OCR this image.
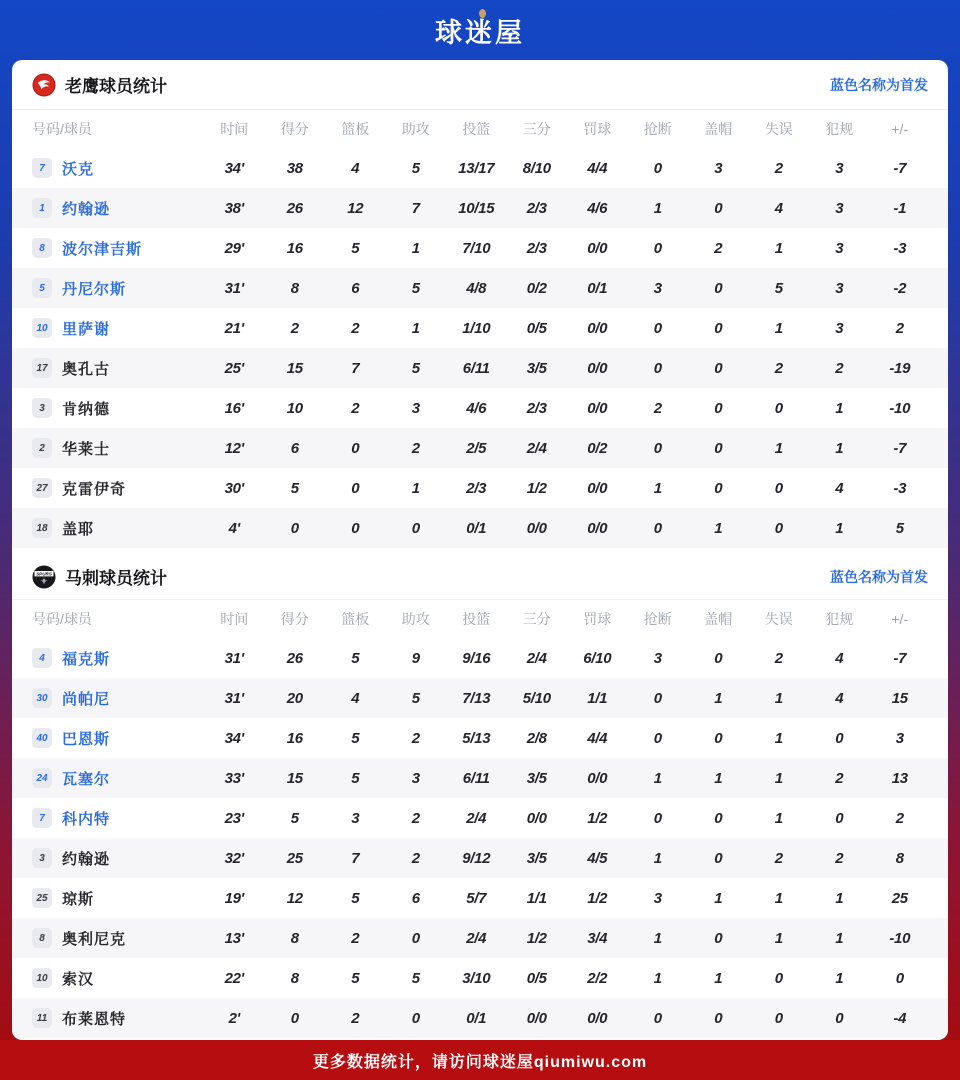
球迷屋
老鹰球员统计	蓝色名称为首发
号码/球员	时间	得分	篮板	助攻	投篮	三分	罚球	抢断	盖帽	失误	犯规	+/-
7	沃克	34'	38	4	5	13/17	8/10	4/4	0	3	2	3	-7
1	约翰逊	38'	26	12	7	10/15	2/3	4/6	1	0	4	3	-1
8	波尔津吉斯	29'	16	5	1	7/10	2/3	0/0	0	2	1	3	-3
5	丹尼尔斯	31'	8	6	5	4/8	0/2	0/1	3	0	5	3	-2
10 里萨谢	21'	2	2	1	1/10	0/5	0/0	0	0	1	3	2
17 奥孔古	25'	15	7	5	6/11	3/5	0/0	0	0	2	2	-19
3	肯纳德	16'	10	2	3	4/6	2/3	0/0	2	0	0	1	-10
2	华莱士	12'	6	0	2	2/5	2/4	0/2	0	0	1	1	-7
27 克雷伊奇	30'	5	0	1	2/3	1/2	0/0	1	0	0	4	-3
18 盖耶	4'	0	0	0	0/1	0/0	0/0	0	1	0	1	5
SPURS 马刺球员统计	蓝色名称为首发
号码/球员	时间	得分	篮板	助攻	投篮	三分	罚球	抢断	盖帽	失误	犯规	+/-
4	福克斯	31'	26	5	9	9/16	2/4	6/10	3	0	2	4	-7
30 尚帕尼	31'	20	4	5	7/13	5/10	1/1	0	1	1	4	15
40 巴恩斯	34'	16	5	2	5/13	2/8	4/4	0	0	1	0	3
24 瓦塞尔	33'	15	5	3	6/11	3/5	0/0	1	1	1	2	13
7	科内特	23'	5	3	2	2/4	0/0	1/2	0	0	1	0	2
3	约翰逊	32'	25	7	2	9/12	3/5	4/5	1	0	2	2	8
25 琼斯	19'	12	5	6	5/7	1/1	1/2	3	1	1	1	25
8	奥利尼克	13'	8	2	0	2/4	1/2	3/4	1	0	1	1	-10
10 索汉	22'	8	5	5	3/10	0/5	2/2	1	1	0	1	0
11 布莱恩特	2'	0	2	0	0/1	0/0	0/0	0	0	0	0	-4
更多数据统计，请访问球迷屋qiumiwu.com
